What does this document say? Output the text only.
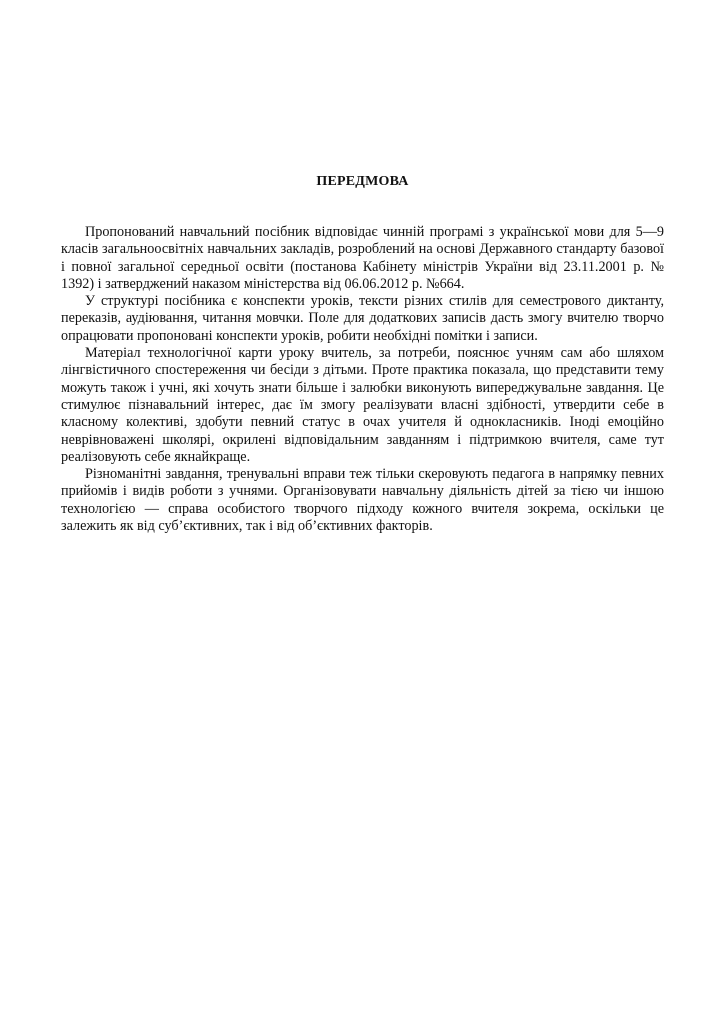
ПЕРЕДМОВА

Пропонований навчальний посібник відповідає чинній програмі з української мови для 5—9 класів загальноосвітніх навчальних закладів, розроблений на основі Державного стандарту базової і повної загальної середньої освіти (постанова Кабінету міністрів України від 23.11.2001 р. № 1392) і затверджений наказом міністерства від 06.06.2012 р. №664.

У структурі посібника є конспекти уроків, тексти різних стилів для семестрового диктанту, переказів, аудіювання, читання мовчки. Поле для додаткових записів дасть змогу вчителю творчо опрацювати пропоновані конспекти уроків, робити необхідні помітки і записи.

Матеріал технологічної карти уроку вчитель, за потреби, пояснює учням сам або шляхом лінгвістичного спостереження чи бесіди з дітьми. Проте практика показала, що представити тему можуть також і учні, які хочуть знати більше і залюбки виконують випереджувальне завдання. Це стимулює пізнавальний інтерес, дає їм змогу реалізувати власні здібності, утвердити себе в класному колективі, здобути певний статус в очах учителя й однокласників. Іноді емоційно неврівноважені школярі, окрилені відповідальним завданням і підтримкою вчителя, саме тут реалізовують себе якнайкраще.

Різноманітні завдання, тренувальні вправи теж тільки скеровують педагога в напрямку певних прийомів і видів роботи з учнями. Організовувати навчальну діяльність дітей за тією чи іншою технологією — справа особистого творчого підходу кожного вчителя зокрема, оскільки це залежить як від суб’єктивних, так і від об’єктивних факторів.
